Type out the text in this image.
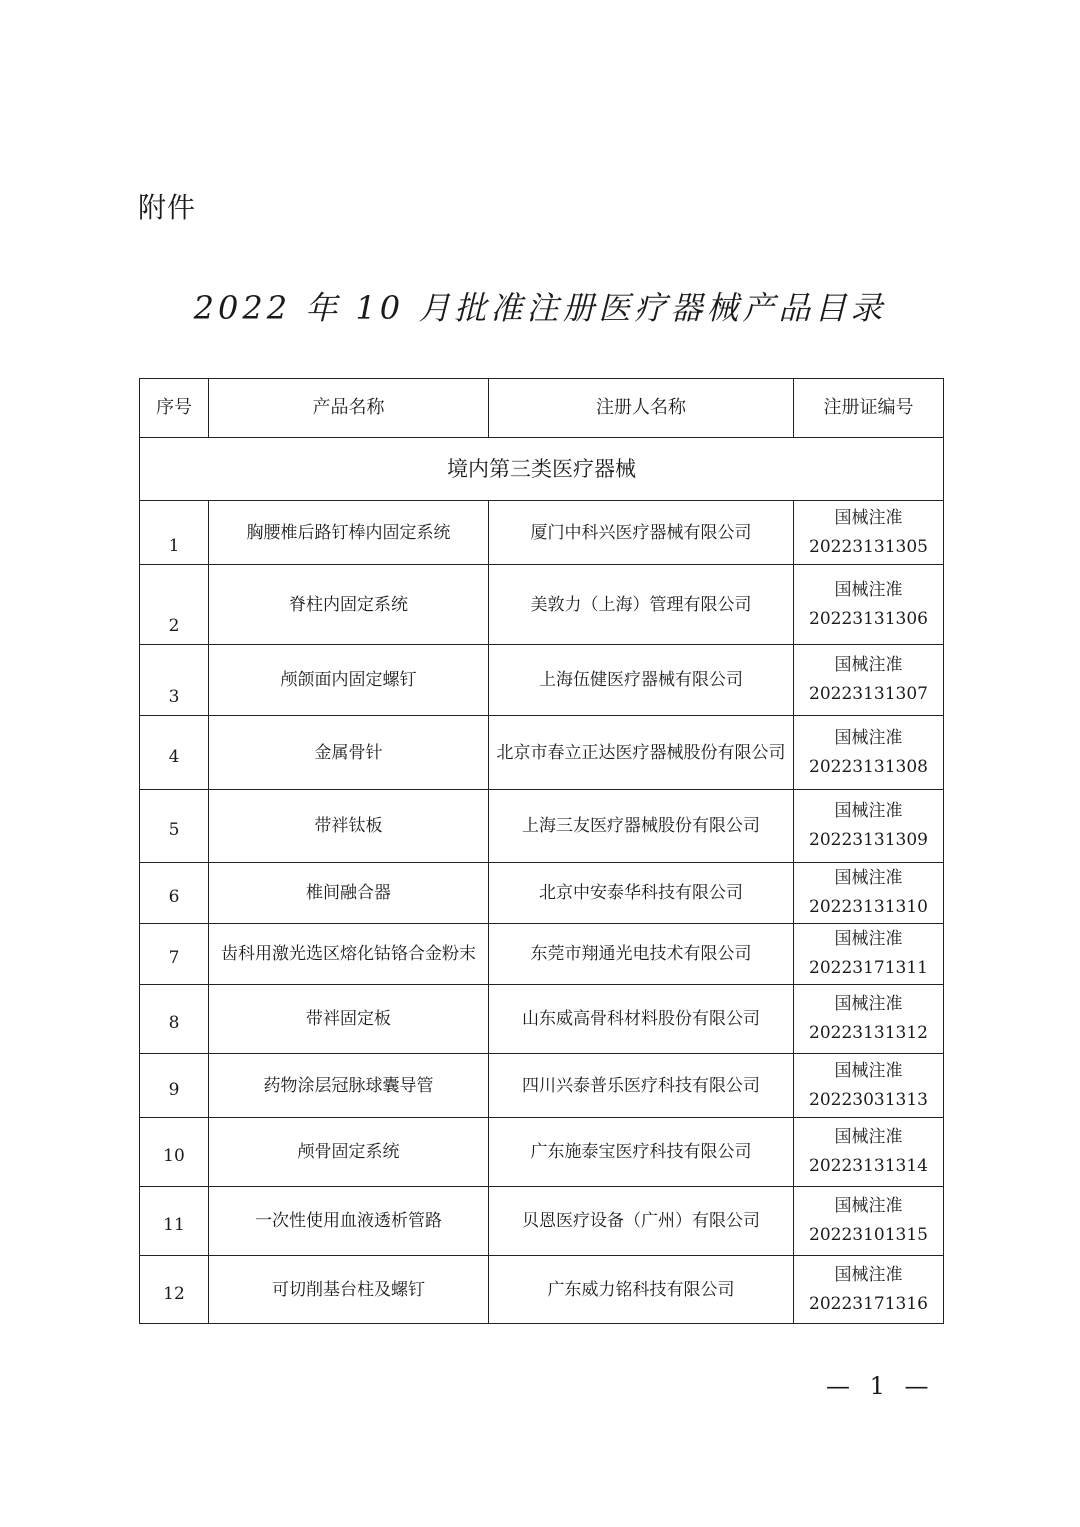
附件
2022 年 10 月批准注册医疗器械产品目录
序号	产品名称	注册人名称	注册证编号
境内第三类医疗器械			
1	胸腰椎后路钉棒内固定系统	厦门中科兴医疗器械有限公司	国械注准
20223131305

2	脊柱内固定系统	美敦力（上海）管理有限公司	国械注准
20223131306

3	颅颌面内固定螺钉	上海伍健医疗器械有限公司	国械注准
20223131307

4	金属骨针	北京市春立正达医疗器械股份有限公司	国械注准
20223131308

5	带袢钛板	上海三友医疗器械股份有限公司	国械注准
20223131309

6	椎间融合器	北京中安泰华科技有限公司	国械注准
20223131310

7	齿科用激光选区熔化钴铬合金粉末	东莞市翔通光电技术有限公司	国械注准
20223171311

8	带袢固定板	山东威高骨科材料股份有限公司	国械注准
20223131312

9	药物涂层冠脉球囊导管	四川兴泰普乐医疗科技有限公司	国械注准
20223031313

10	颅骨固定系统	广东施泰宝医疗科技有限公司	国械注准
20223131314

11	一次性使用血液透析管路	贝恩医疗设备（广州）有限公司	国械注准
20223101315

12	可切削基台柱及螺钉	广东威力铭科技有限公司	国械注准
20223171316
— 1 —
